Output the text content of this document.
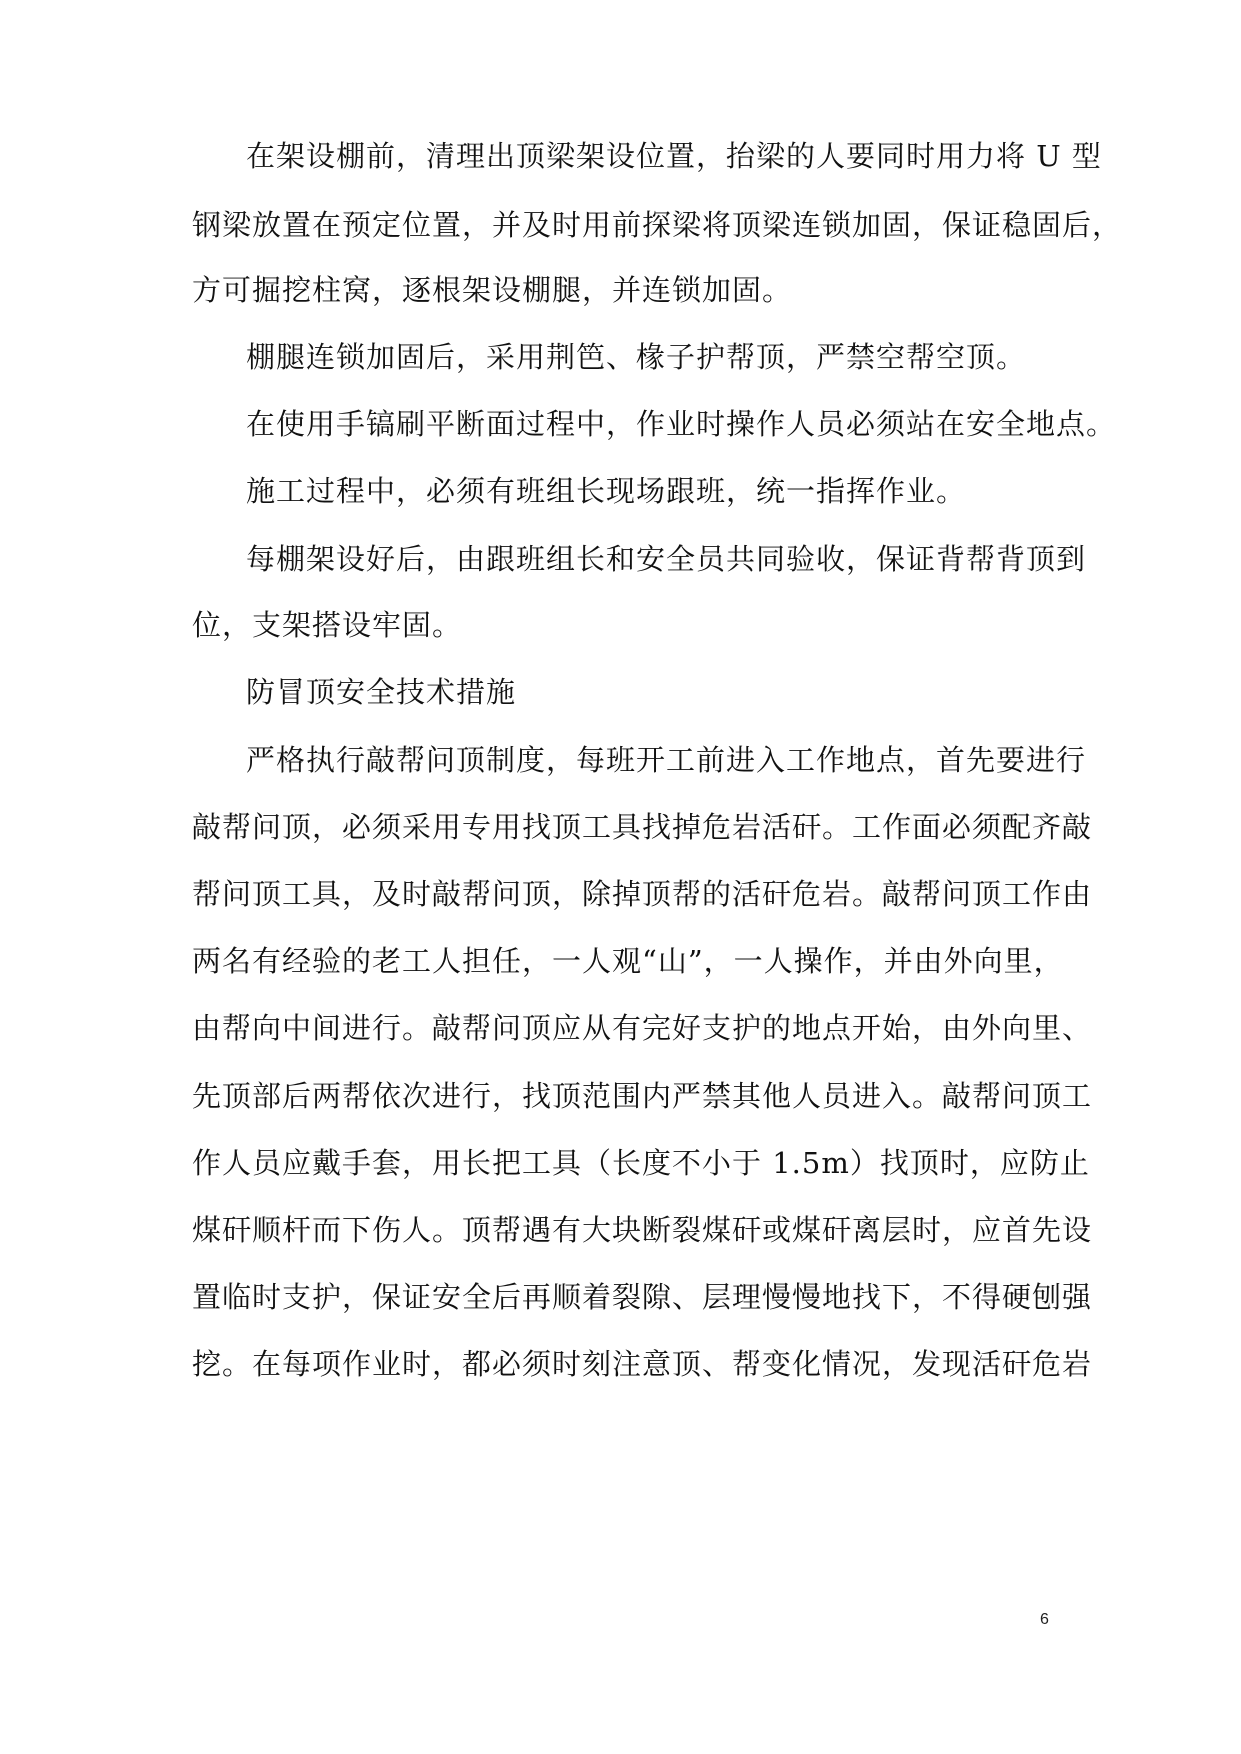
在架设棚前，清理出顶梁架设位置，抬梁的人要同时用力将 U 型
钢梁放置在预定位置，并及时用前探梁将顶梁连锁加固，保证稳固后，
方可掘挖柱窝，逐根架设棚腿，并连锁加固。
棚腿连锁加固后，采用荆笆、椽子护帮顶，严禁空帮空顶。
在使用手镐刷平断面过程中，作业时操作人员必须站在安全地点。
施工过程中，必须有班组长现场跟班，统一指挥作业。
每棚架设好后，由跟班组长和安全员共同验收，保证背帮背顶到
位，支架搭设牢固。
防冒顶安全技术措施
严格执行敲帮问顶制度，每班开工前进入工作地点，首先要进行
敲帮问顶，必须采用专用找顶工具找掉危岩活矸。工作面必须配齐敲
帮问顶工具，及时敲帮问顶，除掉顶帮的活矸危岩。敲帮问顶工作由
两名有经验的老工人担任，一人观“山”，一人操作，并由外向里，
由帮向中间进行。敲帮问顶应从有完好支护的地点开始，由外向里、
先顶部后两帮依次进行，找顶范围内严禁其他人员进入。敲帮问顶工
作人员应戴手套，用长把工具（长度不小于 1.5m）找顶时，应防止
煤矸顺杆而下伤人。顶帮遇有大块断裂煤矸或煤矸离层时，应首先设
置临时支护，保证安全后再顺着裂隙、层理慢慢地找下，不得硬刨强
挖。在每项作业时，都必须时刻注意顶、帮变化情况，发现活矸危岩
6
